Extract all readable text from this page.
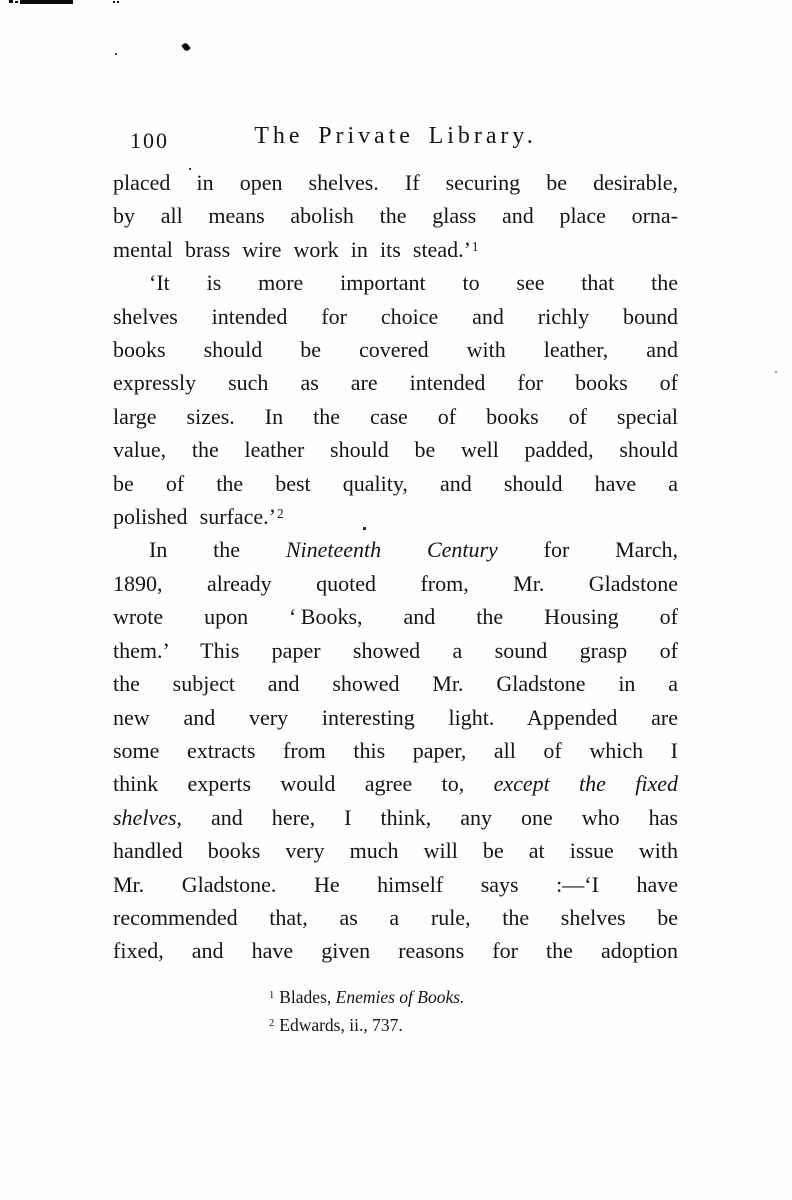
100	The Private Library.
placed in open shelves. If securing be desirable,
by all means abolish the glass and place orna-
mental brass wire work in its stead.’$^1$
‘It is more important to see that the
shelves intended for choice and richly bound
books should be covered with leather, and
expressly such as are intended for books of
large sizes. In the case of books of special
value, the leather should be well padded, should
be of the best quality, and should have a
polished surface.’$^2$
In the Nineteenth Century for March,
1890, already quoted from, Mr. Gladstone
wrote upon ‘ Books, and the Housing of
them.’ This paper showed a sound grasp of
the subject and showed Mr. Gladstone in a
new and very interesting light. Appended are
some extracts from this paper, all of which I
think experts would agree to, except the fixed
shelves, and here, I think, any one who has
handled books very much will be at issue with
Mr. Gladstone. He himself says :—‘I have
recommended that, as a rule, the shelves be
fixed, and have given reasons for the adoption
$^1$ Blades, Enemies of Books.
$^2$ Edwards, ii., 737.
